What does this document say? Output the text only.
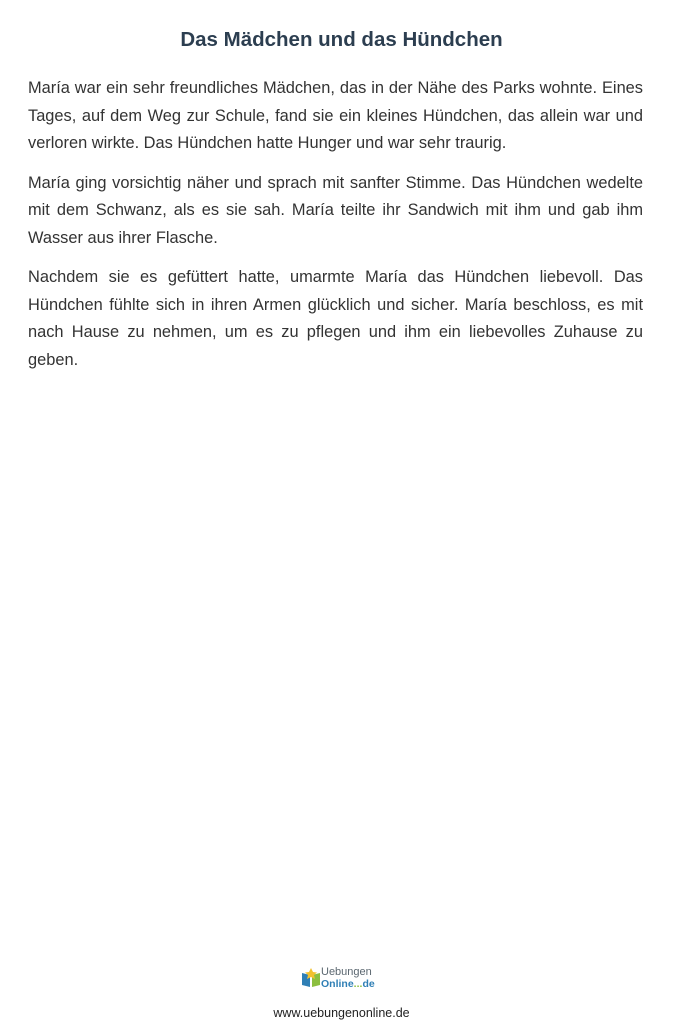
Das Mädchen und das Hündchen

María war ein sehr freundliches Mädchen, das in der Nähe des Parks wohnte. Eines Tages, auf dem Weg zur Schule, fand sie ein kleines Hündchen, das allein war und verloren wirkte. Das Hündchen hatte Hunger und war sehr traurig.

María ging vorsichtig näher und sprach mit sanfter Stimme. Das Hündchen wedelte mit dem Schwanz, als es sie sah. María teilte ihr Sandwich mit ihm und gab ihm Wasser aus ihrer Flasche.

Nachdem sie es gefüttert hatte, umarmte María das Hündchen liebevoll. Das Hündchen fühlte sich in ihren Armen glücklich und sicher. María beschloss, es mit nach Hause zu nehmen, um es zu pflegen und ihm ein liebevolles Zuhause zu geben.

Uebungen
Online...de
www.uebungenonline.de
